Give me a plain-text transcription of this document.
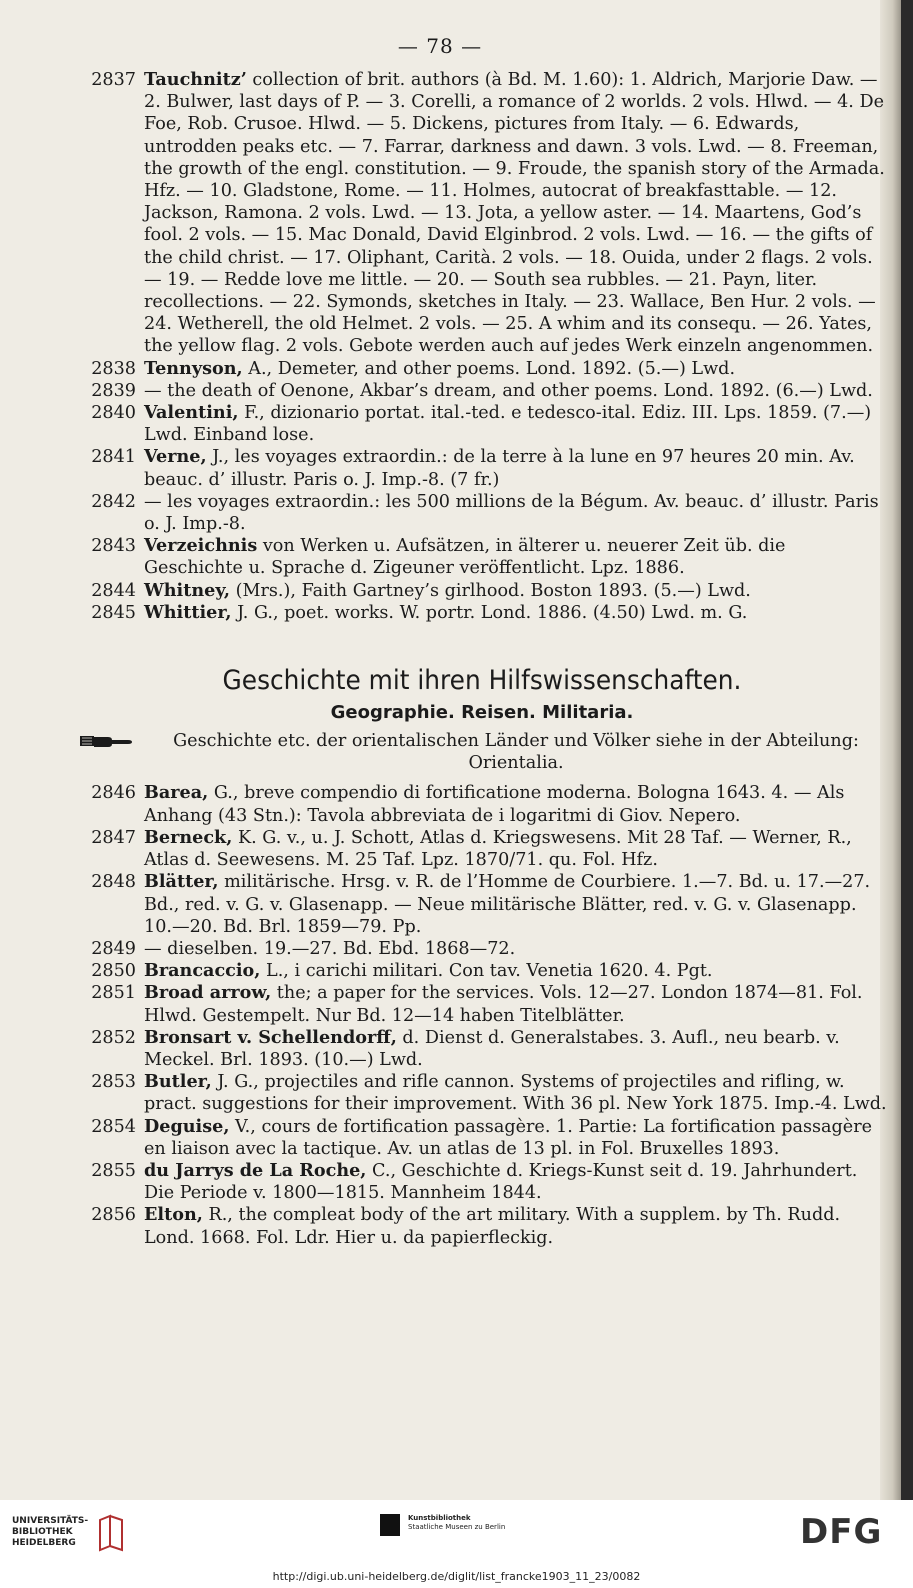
— 78 —
2837 Tauchnitz’ collection of brit. authors (à Bd. M. 1.60): 1. Aldrich, Marjorie Daw. — 2. Bulwer, last days of P. — 3. Corelli, a romance of 2 worlds. 2 vols. Hlwd. — 4. De Foe, Rob. Crusoe. Hlwd. — 5. Dickens, pictures from Italy. — 6. Edwards, untrodden peaks etc. — 7. Farrar, darkness and dawn. 3 vols. Lwd. — 8. Freeman, the growth of the engl. constitution. — 9. Froude, the spanish story of the Armada. Hfz. — 10. Gladstone, Rome. — 11. Holmes, autocrat of breakfasttable. — 12. Jackson, Ramona. 2 vols. Lwd. — 13. Jota, a yellow aster. — 14. Maartens, God’s fool. 2 vols. — 15. Mac Donald, David Elginbrod. 2 vols. Lwd. — 16. — the gifts of the child christ. — 17. Oliphant, Carità. 2 vols. — 18. Ouida, under 2 flags. 2 vols. — 19. — Redde love me little. — 20. — South sea rubbles. — 21. Payn, liter. recollections. — 22. Symonds, sketches in Italy. — 23. Wallace, Ben Hur. 2 vols. — 24. Wetherell, the old Helmet. 2 vols. — 25. A whim and its consequ. — 26. Yates, the yellow flag. 2 vols. Gebote werden auch auf jedes Werk einzeln angenommen.
2838 Tennyson, A., Demeter, and other poems. Lond. 1892. (5.—) Lwd.
2839 — the death of Oenone, Akbar’s dream, and other poems. Lond. 1892. (6.—) Lwd.
2840 Valentini, F., dizionario portat. ital.-ted. e tedesco-ital. Ediz. III. Lps. 1859. (7.—) Lwd. Einband lose.
2841 Verne, J., les voyages extraordin.: de la terre à la lune en 97 heures 20 min. Av. beauc. d’ illustr. Paris o. J. Imp.-8. (7 fr.)
2842 — les voyages extraordin.: les 500 millions de la Bégum. Av. beauc. d’ illustr. Paris o. J. Imp.-8.
2843 Verzeichnis von Werken u. Aufsätzen, in älterer u. neuerer Zeit üb. die Geschichte u. Sprache d. Zigeuner veröffentlicht. Lpz. 1886.
2844 Whitney, (Mrs.), Faith Gartney’s girlhood. Boston 1893. (5.—) Lwd.
2845 Whittier, J. G., poet. works. W. portr. Lond. 1886. (4.50) Lwd. m. G.
Geschichte mit ihren Hilfswissenschaften.
Geographie. Reisen. Militaria.
Geschichte etc. der orientalischen Länder und Völker siehe in der Abteilung: Orientalia.
2846 Barea, G., breve compendio di fortificatione moderna. Bologna 1643. 4. — Als Anhang (43 Stn.): Tavola abbreviata de i logaritmi di Giov. Nepero.
2847 Berneck, K. G. v., u. J. Schott, Atlas d. Kriegswesens. Mit 28 Taf. — Werner, R., Atlas d. Seewesens. M. 25 Taf. Lpz. 1870/71. qu. Fol. Hfz.
2848 Blätter, militärische. Hrsg. v. R. de l’Homme de Courbiere. 1.—7. Bd. u. 17.—27. Bd., red. v. G. v. Glasenapp. — Neue militärische Blätter, red. v. G. v. Glasenapp. 10.—20. Bd. Brl. 1859—79. Pp.
2849 — dieselben. 19.—27. Bd. Ebd. 1868—72.
2850 Brancaccio, L., i carichi militari. Con tav. Venetia 1620. 4. Pgt.
2851 Broad arrow, the; a paper for the services. Vols. 12—27. London 1874—81. Fol. Hlwd. Gestempelt. Nur Bd. 12—14 haben Titelblätter.
2852 Bronsart v. Schellendorff, d. Dienst d. Generalstabes. 3. Aufl., neu bearb. v. Meckel. Brl. 1893. (10.—) Lwd.
2853 Butler, J. G., projectiles and rifle cannon. Systems of projectiles and rifling, w. pract. suggestions for their improvement. With 36 pl. New York 1875. Imp.-4. Lwd.
2854 Deguise, V., cours de fortification passagère. 1. Partie: La fortification passagère en liaison avec la tactique. Av. un atlas de 13 pl. in Fol. Bruxelles 1893.
2855 du Jarrys de La Roche, C., Geschichte d. Kriegs-Kunst seit d. 19. Jahrhundert. Die Periode v. 1800—1815. Mannheim 1844.
2856 Elton, R., the compleat body of the art military. With a supplem. by Th. Rudd. Lond. 1668. Fol. Ldr. Hier u. da papierfleckig.
UNIVERSITÄTS-
BIBLIOTHEK
HEIDELBERG
Kunstbibliothek
Staatliche Museen zu Berlin	DFG
http://digi.ub.uni-heidelberg.de/diglit/list_francke1903_11_23/0082
